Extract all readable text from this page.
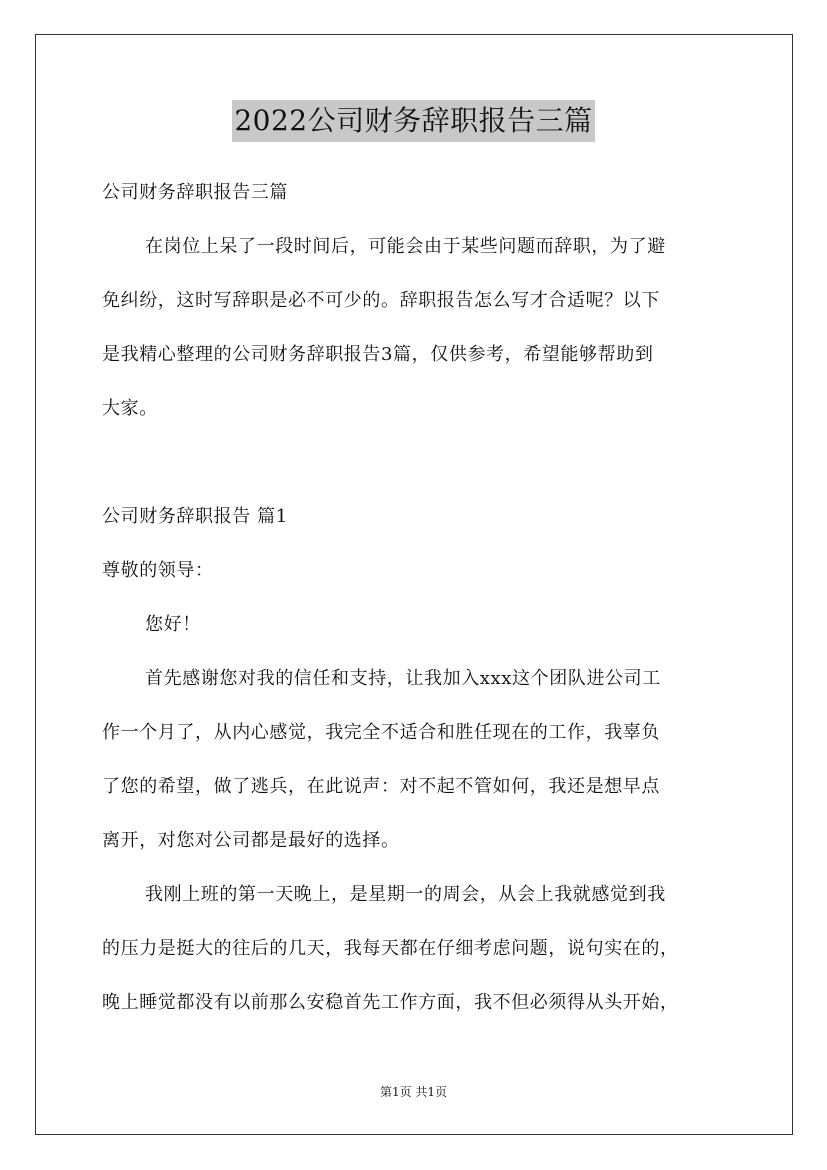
2022公司财务辞职报告三篇
公司财务辞职报告三篇
在岗位上呆了一段时间后，可能会由于某些问题而辞职，为了避
免纠纷，这时写辞职是必不可少的。辞职报告怎么写才合适呢？以下
是我精心整理的公司财务辞职报告3篇，仅供参考，希望能够帮助到
大家。
公司财务辞职报告 篇1
尊敬的领导：
您好！
首先感谢您对我的信任和支持，让我加入xxx这个团队进公司工
作一个月了，从内心感觉，我完全不适合和胜任现在的工作，我辜负
了您的希望，做了逃兵，在此说声：对不起不管如何，我还是想早点
离开，对您对公司都是最好的选择。
我刚上班的第一天晚上，是星期一的周会，从会上我就感觉到我
的压力是挺大的往后的几天，我每天都在仔细考虑问题，说句实在的，
晚上睡觉都没有以前那么安稳首先工作方面，我不但必须得从头开始，
第1页 共1页
